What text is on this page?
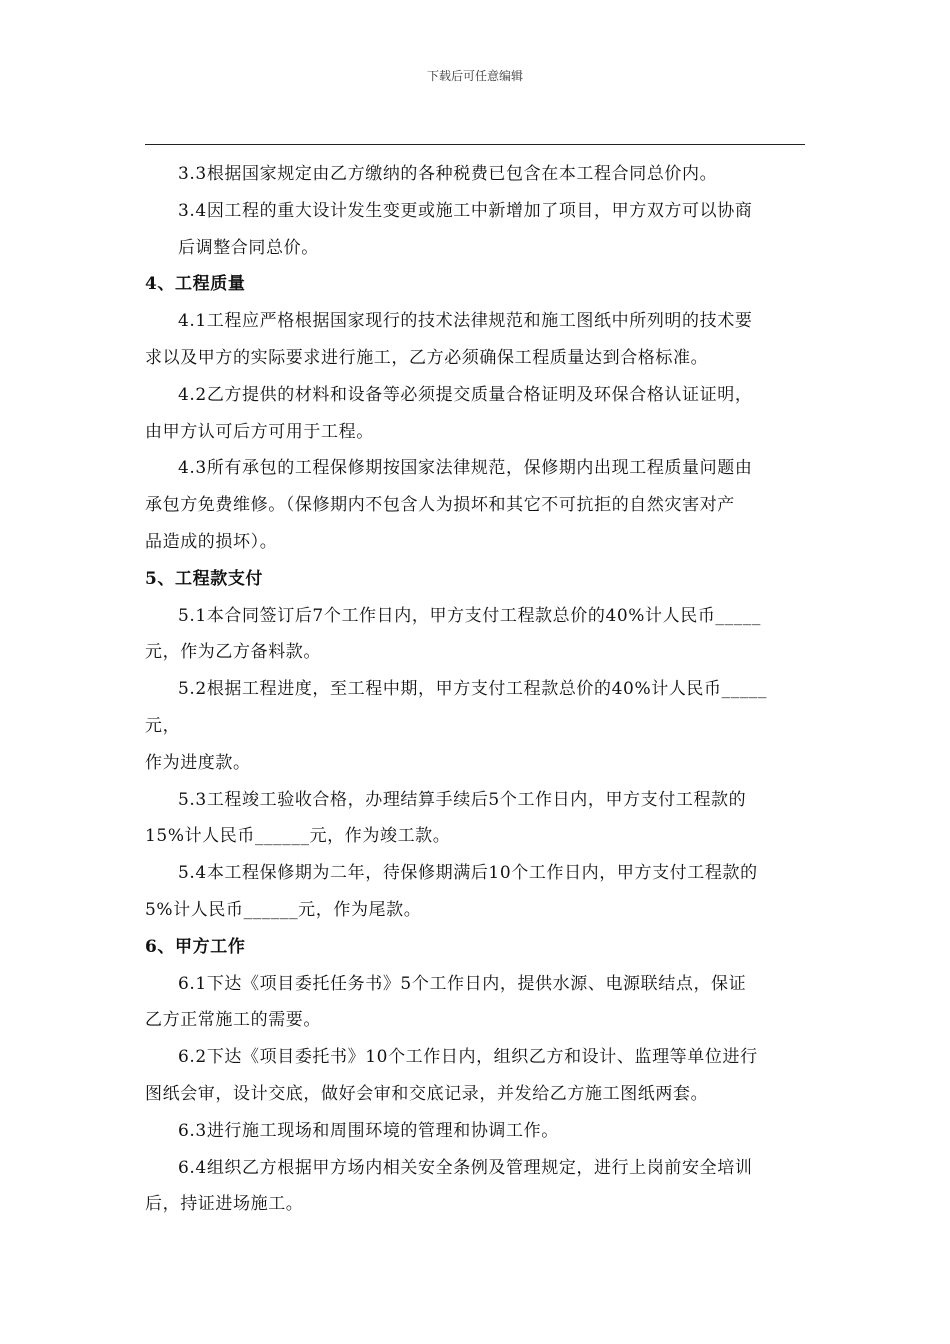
下载后可任意编辑

3.3根据国家规定由乙方缴纳的各种税费已包含在本工程合同总价内。

3.4因工程的重大设计发生变更或施工中新增加了项目，甲方双方可以协商

后调整合同总价。

4、工程质量

4.1工程应严格根据国家现行的技术法律规范和施工图纸中所列明的技术要

求以及甲方的实际要求进行施工，乙方必须确保工程质量达到合格标准。

4.2乙方提供的材料和设备等必须提交质量合格证明及环保合格认证证明，

由甲方认可后方可用于工程。

4.3所有承包的工程保修期按国家法律规范，保修期内出现工程质量问题由

承包方免费维修。（保修期内不包含人为损坏和其它不可抗拒的自然灾害对产

品造成的损坏）。

5、工程款支付

5.1本合同签订后7个工作日内，甲方支付工程款总价的40%计人民币_____

元，作为乙方备料款。

5.2根据工程进度，至工程中期，甲方支付工程款总价的40%计人民币_____

元，

作为进度款。

5.3工程竣工验收合格，办理结算手续后5个工作日内，甲方支付工程款的

15%计人民币______元，作为竣工款。

5.4本工程保修期为二年，待保修期满后10个工作日内，甲方支付工程款的

5%计人民币______元，作为尾款。

6、甲方工作

6.1下达《项目委托任务书》5个工作日内，提供水源、电源联结点，保证

乙方正常施工的需要。

6.2下达《项目委托书》10个工作日内，组织乙方和设计、监理等单位进行

图纸会审，设计交底，做好会审和交底记录，并发给乙方施工图纸两套。

6.3进行施工现场和周围环境的管理和协调工作。

6.4组织乙方根据甲方场内相关安全条例及管理规定，进行上岗前安全培训

后，持证进场施工。
